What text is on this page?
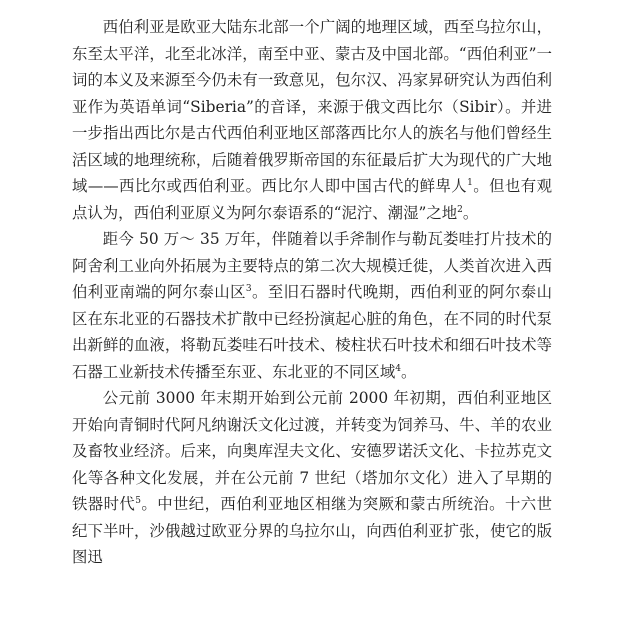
西伯利亚是欧亚大陆东北部一个广阔的地理区域，西至乌拉尔山，东至太平洋，北至北冰洋，南至中亚、蒙古及中国北部。“西伯利亚”一词的本义及来源至今仍未有一致意见，包尔汉、冯家昇研究认为西伯利亚作为英语单词“Siberia”的音译，来源于俄文西比尔（Sibir）。并进一步指出西比尔是古代西伯利亚地区部落西比尔人的族名与他们曾经生活区域的地理统称，后随着俄罗斯帝国的东征最后扩大为现代的广大地域——西比尔或西伯利亚。西比尔人即中国古代的鲜卑人$^1$。但也有观点认为，西伯利亚原义为阿尔泰语系的“泥泞、潮湿”之地$^2$。

距今 50 万～ 35 万年，伴随着以手斧制作与勒瓦娄哇打片技术的阿舍利工业向外拓展为主要特点的第二次大规模迁徙，人类首次进入西伯利亚南端的阿尔泰山区$^3$。至旧石器时代晚期，西伯利亚的阿尔泰山区在东北亚的石器技术扩散中已经扮演起心脏的角色，在不同的时代泵出新鲜的血液，将勒瓦娄哇石叶技术、棱柱状石叶技术和细石叶技术等石器工业新技术传播至东亚、东北亚的不同区域$^4$。

公元前 3000 年末期开始到公元前 2000 年初期，西伯利亚地区开始向青铜时代阿凡纳谢沃文化过渡，并转变为饲养马、牛、羊的农业及畜牧业经济。后来，向奥库涅夫文化、安德罗诺沃文化、卡拉苏克文化等各种文化发展，并在公元前 7 世纪（塔加尔文化）进入了早期的铁器时代$^5$。中世纪，西伯利亚地区相继为突厥和蒙古所统治。十六世纪下半叶，沙俄越过欧亚分界的乌拉尔山，向西伯利亚扩张，使它的版图迅
